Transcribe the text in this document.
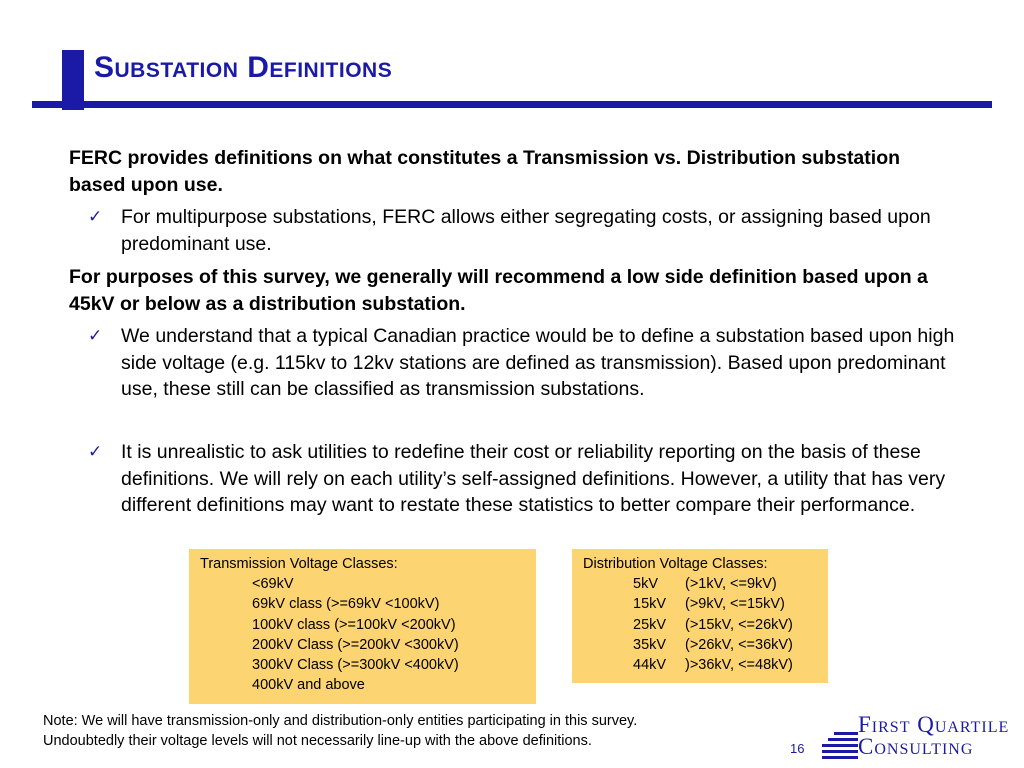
Substation Definitions
FERC provides definitions on what constitutes a Transmission vs. Distribution substation based upon use.
✓ For multipurpose substations, FERC allows either segregating costs, or assigning based upon predominant use.
For purposes of this survey, we generally will recommend a low side definition based upon a 45kV or below as a distribution substation.
✓ We understand that a typical Canadian practice would be to define a substation based upon high side voltage (e.g. 115kv to 12kv stations are defined as transmission). Based upon predominant use, these still can be classified as transmission substations.
✓ It is unrealistic to ask utilities to redefine their cost or reliability reporting on the basis of these definitions. We will rely on each utility’s self-assigned definitions. However, a utility that has very different definitions may want to restate these statistics to better compare their performance.
Transmission Voltage Classes:
<69kV
69kV class (>=69kV <100kV)
100kV class (>=100kV <200kV)
200kV Class (>=200kV <300kV)
300kV Class (>=300kV <400kV)
400kV and above
Distribution Voltage Classes:
5kV (>1kV, <=9kV)
15kV (>9kV, <=15kV)
25kV (>15kV, <=26kV)
35kV (>26kV, <=36kV)
44kV )>36kV, <=48kV)
Note: We will have transmission-only and distribution-only entities participating in this survey.
Undoubtedly their voltage levels will not necessarily line-up with the above definitions.	16
First Quartile
Consulting
